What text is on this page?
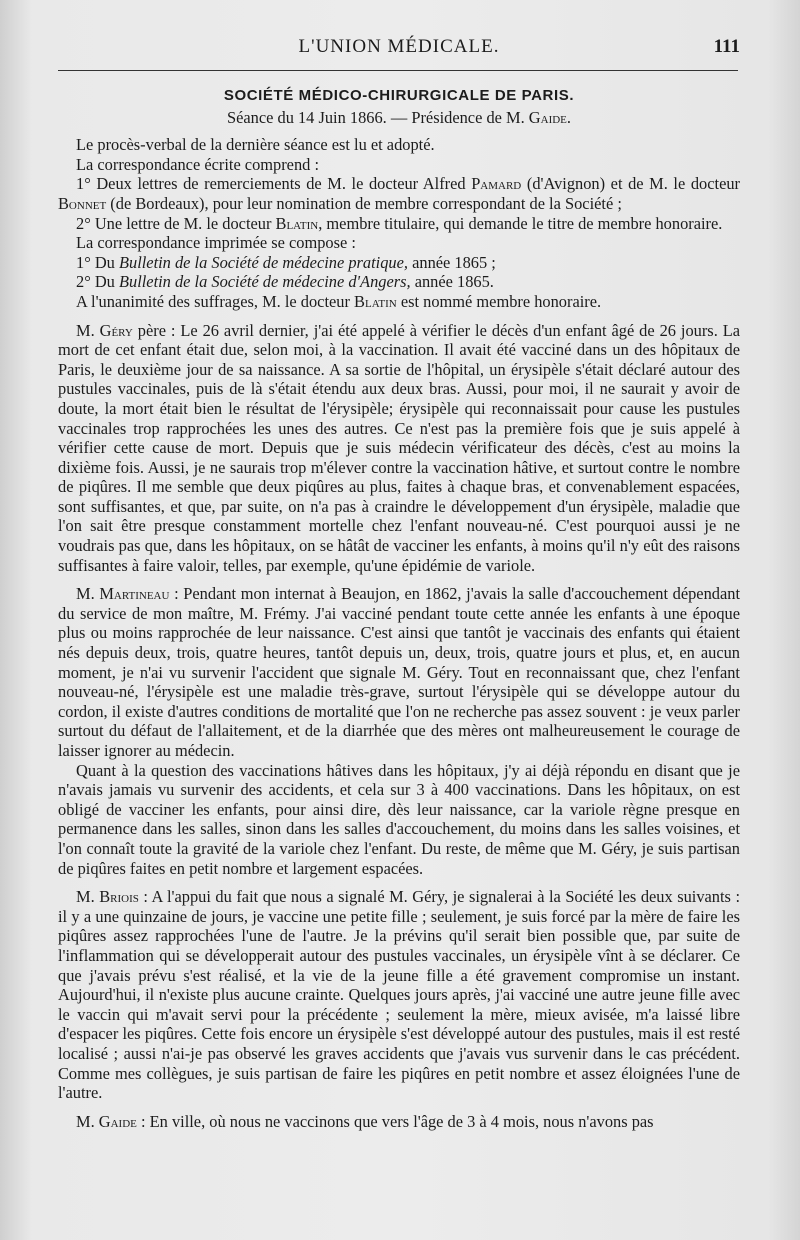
L'UNION MÉDICALE.	111
SOCIÉTÉ MÉDICO-CHIRURGICALE DE PARIS.
Séance du 14 Juin 1866. — Présidence de M. Gaide.

Le procès-verbal de la dernière séance est lu et adopté.

La correspondance écrite comprend :

1° Deux lettres de remerciements de M. le docteur Alfred Pamard (d'Avignon) et de M. le docteur Bonnet (de Bordeaux), pour leur nomination de membre correspondant de la Société ;

2° Une lettre de M. le docteur Blatin, membre titulaire, qui demande le titre de membre honoraire.

La correspondance imprimée se compose :

1° Du Bulletin de la Société de médecine pratique, année 1865 ;

2° Du Bulletin de la Société de médecine d'Angers, année 1865.

A l'unanimité des suffrages, M. le docteur Blatin est nommé membre honoraire.

M. Géry père : Le 26 avril dernier, j'ai été appelé à vérifier le décès d'un enfant âgé de 26 jours. La mort de cet enfant était due, selon moi, à la vaccination. Il avait été vacciné dans un des hôpitaux de Paris, le deuxième jour de sa naissance. A sa sortie de l'hôpital, un érysipèle s'était déclaré autour des pustules vaccinales, puis de là s'était étendu aux deux bras. Aussi, pour moi, il ne saurait y avoir de doute, la mort était bien le résultat de l'érysipèle; érysipèle qui reconnaissait pour cause les pustules vaccinales trop rapprochées les unes des autres. Ce n'est pas la première fois que je suis appelé à vérifier cette cause de mort. Depuis que je suis médecin vérificateur des décès, c'est au moins la dixième fois. Aussi, je ne saurais trop m'élever contre la vaccination hâtive, et surtout contre le nombre de piqûres. Il me semble que deux piqûres au plus, faites à chaque bras, et convenablement espacées, sont suffisantes, et que, par suite, on n'a pas à craindre le développement d'un érysipèle, maladie que l'on sait être presque constamment mortelle chez l'enfant nouveau-né. C'est pourquoi aussi je ne voudrais pas que, dans les hôpitaux, on se hâtât de vacciner les enfants, à moins qu'il n'y eût des raisons suffisantes à faire valoir, telles, par exemple, qu'une épidémie de variole.

M. Martineau : Pendant mon internat à Beaujon, en 1862, j'avais la salle d'accouchement dépendant du service de mon maître, M. Frémy. J'ai vacciné pendant toute cette année les enfants à une époque plus ou moins rapprochée de leur naissance. C'est ainsi que tantôt je vaccinais des enfants qui étaient nés depuis deux, trois, quatre heures, tantôt depuis un, deux, trois, quatre jours et plus, et, en aucun moment, je n'ai vu survenir l'accident que signale M. Géry. Tout en reconnaissant que, chez l'enfant nouveau-né, l'érysipèle est une maladie très-grave, surtout l'érysipèle qui se développe autour du cordon, il existe d'autres conditions de mortalité que l'on ne recherche pas assez souvent : je veux parler surtout du défaut de l'allaitement, et de la diarrhée que des mères ont malheureusement le courage de laisser ignorer au médecin.

Quant à la question des vaccinations hâtives dans les hôpitaux, j'y ai déjà répondu en disant que je n'avais jamais vu survenir des accidents, et cela sur 3 à 400 vaccinations. Dans les hôpitaux, on est obligé de vacciner les enfants, pour ainsi dire, dès leur naissance, car la variole règne presque en permanence dans les salles, sinon dans les salles d'accouchement, du moins dans les salles voisines, et l'on connaît toute la gravité de la variole chez l'enfant. Du reste, de même que M. Géry, je suis partisan de piqûres faites en petit nombre et largement espacées.

M. Briois : A l'appui du fait que nous a signalé M. Géry, je signalerai à la Société les deux suivants : il y a une quinzaine de jours, je vaccine une petite fille ; seulement, je suis forcé par la mère de faire les piqûres assez rapprochées l'une de l'autre. Je la prévins qu'il serait bien possible que, par suite de l'inflammation qui se développerait autour des pustules vaccinales, un érysipèle vînt à se déclarer. Ce que j'avais prévu s'est réalisé, et la vie de la jeune fille a été gravement compromise un instant. Aujourd'hui, il n'existe plus aucune crainte. Quelques jours après, j'ai vacciné une autre jeune fille avec le vaccin qui m'avait servi pour la précédente ; seulement la mère, mieux avisée, m'a laissé libre d'espacer les piqûres. Cette fois encore un érysipèle s'est développé autour des pustules, mais il est resté localisé ; aussi n'ai-je pas observé les graves accidents que j'avais vus survenir dans le cas précédent. Comme mes collègues, je suis partisan de faire les piqûres en petit nombre et assez éloignées l'une de l'autre.

M. Gaide : En ville, où nous ne vaccinons que vers l'âge de 3 à 4 mois, nous n'avons pas
